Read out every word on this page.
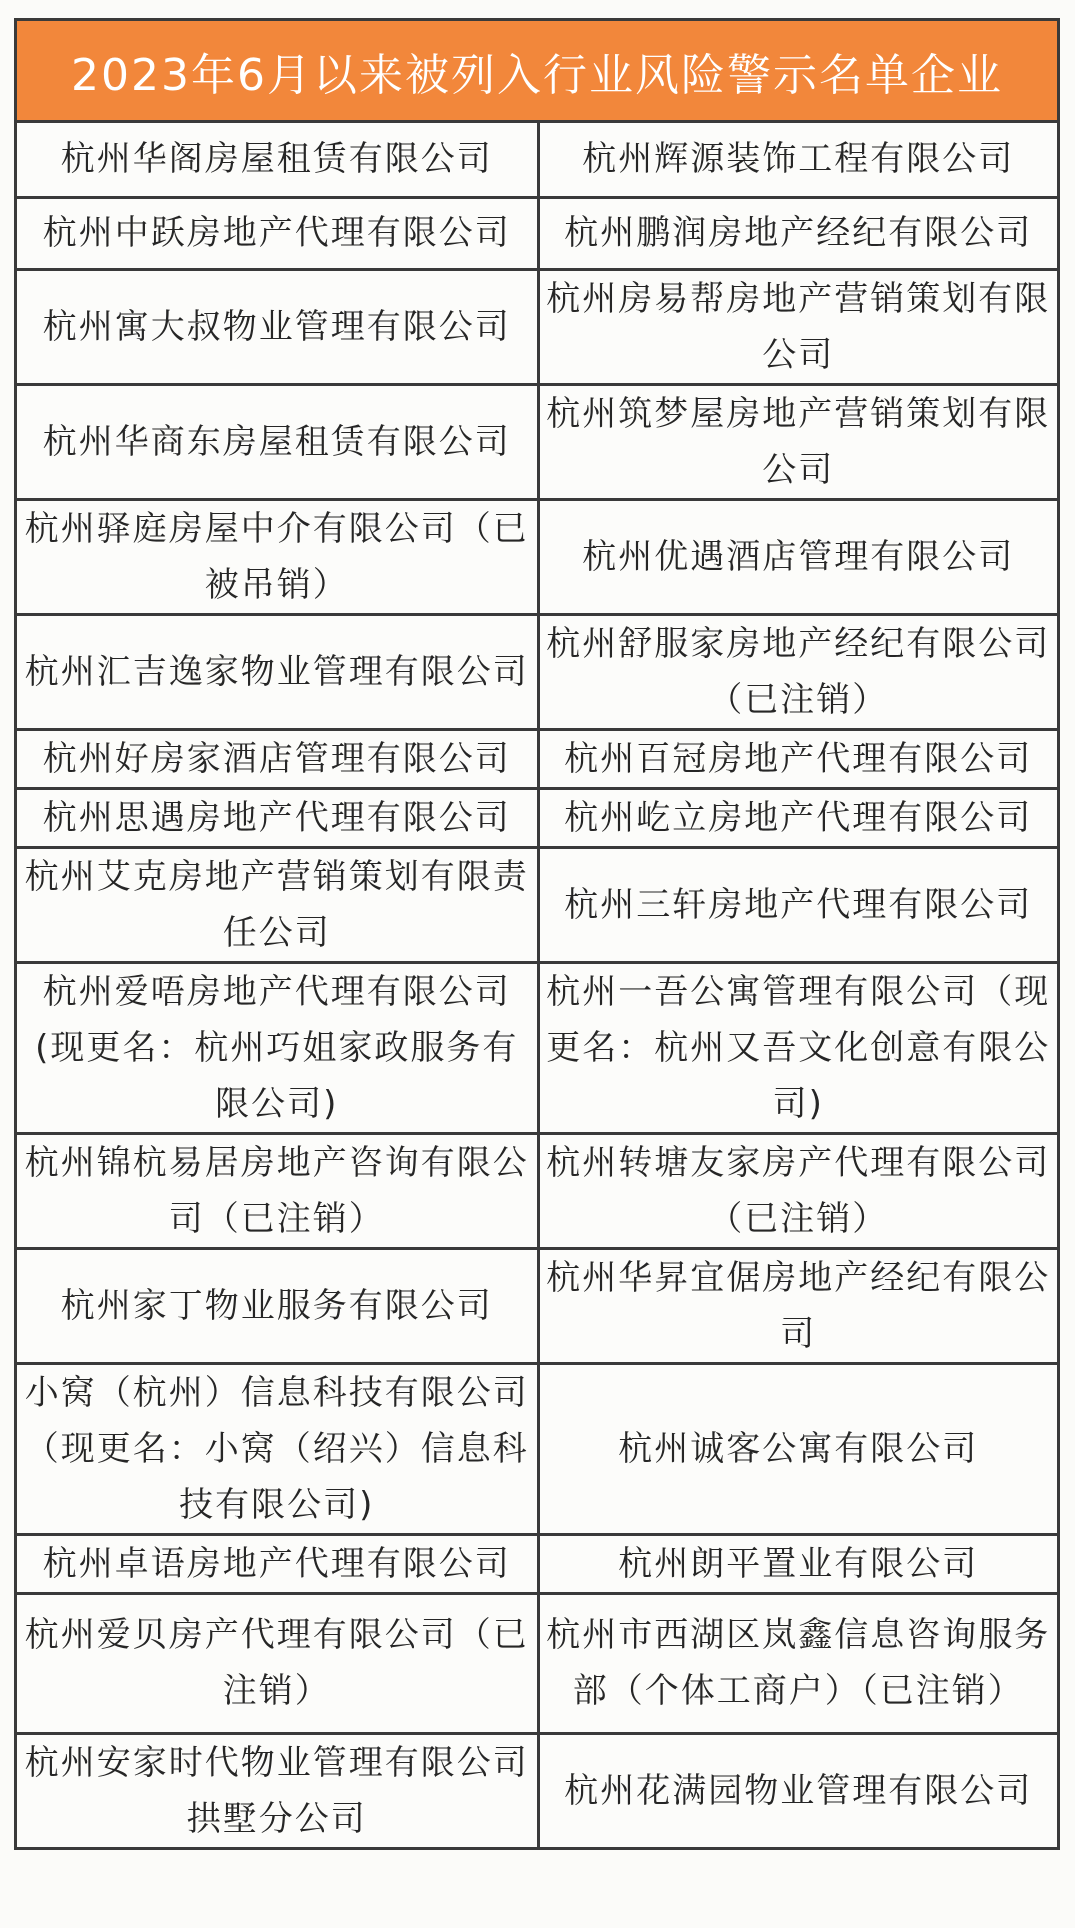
2023年6月以来被列入行业风险警示名单企业
杭州华阁房屋租赁有限公司	杭州辉源装饰工程有限公司
杭州中跃房地产代理有限公司	杭州鹏润房地产经纪有限公司
杭州寓大叔物业管理有限公司	杭州房易帮房地产营销策划有限公司
杭州华商东房屋租赁有限公司	杭州筑梦屋房地产营销策划有限公司
杭州驿庭房屋中介有限公司（已被吊销）	杭州优遇酒店管理有限公司
杭州汇吉逸家物业管理有限公司	杭州舒服家房地产经纪有限公司（已注销）
杭州好房家酒店管理有限公司	杭州百冠房地产代理有限公司
杭州思遇房地产代理有限公司	杭州屹立房地产代理有限公司
杭州艾克房地产营销策划有限责任公司	杭州三轩房地产代理有限公司
杭州爱唔房地产代理有限公司(现更名：杭州巧姐家政服务有限公司)	杭州一吾公寓管理有限公司（现更名：杭州又吾文化创意有限公司)
杭州锦杭易居房地产咨询有限公司（已注销）	杭州转塘友家房产代理有限公司（已注销）
杭州家丁物业服务有限公司	杭州华昇宜倨房地产经纪有限公司
小窝（杭州）信息科技有限公司（现更名：小窝（绍兴）信息科技有限公司)	杭州诚客公寓有限公司
杭州卓语房地产代理有限公司	杭州朗平置业有限公司
杭州爱贝房产代理有限公司（已注销）	杭州市西湖区岚鑫信息咨询服务部（个体工商户）（已注销）
杭州安家时代物业管理有限公司拱墅分公司	杭州花满园物业管理有限公司
